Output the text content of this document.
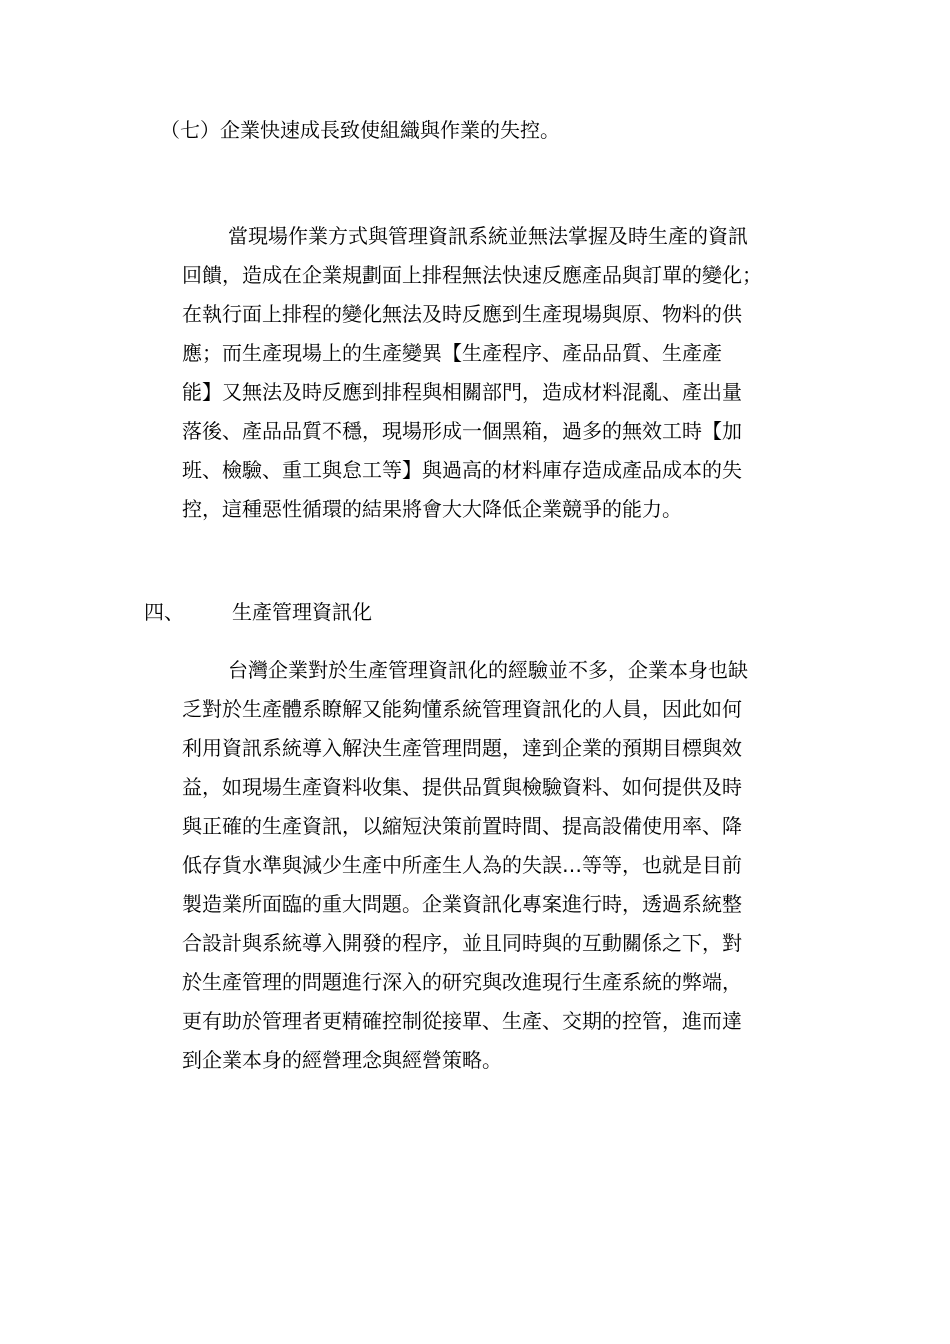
（七）企業快速成長致使組織與作業的失控。
當現場作業方式與管理資訊系統並無法掌握及時生產的資訊
回饋，造成在企業規劃面上排程無法快速反應產品與訂單的變化；
在執行面上排程的變化無法及時反應到生產現場與原、物料的供
應；而生產現場上的生產變異【生產程序、產品品質、生產產
能】又無法及時反應到排程與相關部門，造成材料混亂、產出量
落後、產品品質不穩，現場形成一個黑箱，過多的無效工時【加
班、檢驗、重工與怠工等】與過高的材料庫存造成產品成本的失
控，這種惡性循環的結果將會大大降低企業競爭的能力。
四、 生產管理資訊化
台灣企業對於生產管理資訊化的經驗並不多，企業本身也缺
乏對於生產體系瞭解又能夠懂系統管理資訊化的人員，因此如何
利用資訊系統導入解決生產管理問題，達到企業的預期目標與效
益，如現場生產資料收集、提供品質與檢驗資料、如何提供及時
與正確的生產資訊，以縮短決策前置時間、提高設備使用率、降
低存貨水準與減少生產中所產生人為的失誤…等等，也就是目前
製造業所面臨的重大問題。企業資訊化專案進行時，透過系統整
合設計與系統導入開發的程序，並且同時與的互動關係之下，對
於生產管理的問題進行深入的研究與改進現行生產系統的弊端，
更有助於管理者更精確控制從接單、生產、交期的控管，進而達
到企業本身的經營理念與經營策略。
